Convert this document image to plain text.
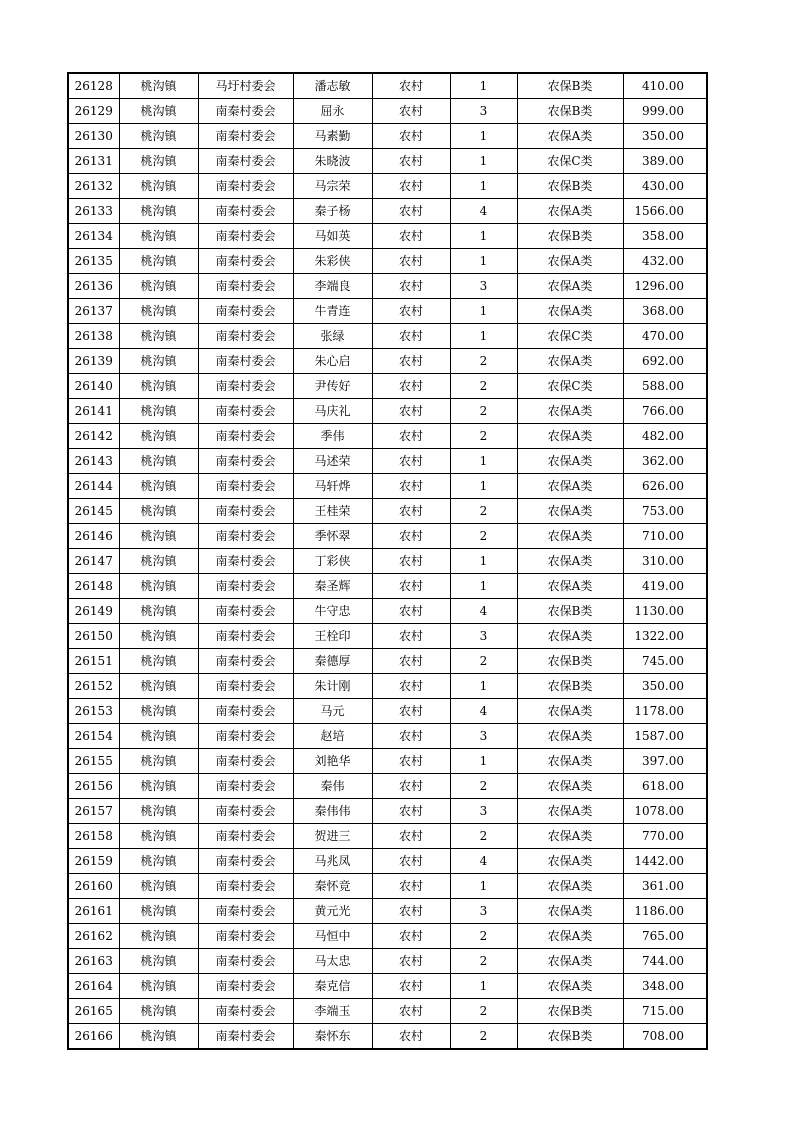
26128	桃沟镇	马圩村委会	潘志敏	农村	1	农保B类	410.00
26129	桃沟镇	南秦村委会	屈永	农村	3	农保B类	999.00
26130	桃沟镇	南秦村委会	马素勤	农村	1	农保A类	350.00
26131	桃沟镇	南秦村委会	朱晓波	农村	1	农保C类	389.00
26132	桃沟镇	南秦村委会	马宗荣	农村	1	农保B类	430.00
26133	桃沟镇	南秦村委会	秦子杨	农村	4	农保A类	1566.00
26134	桃沟镇	南秦村委会	马如英	农村	1	农保B类	358.00
26135	桃沟镇	南秦村委会	朱彩侠	农村	1	农保A类	432.00
26136	桃沟镇	南秦村委会	李端良	农村	3	农保A类	1296.00
26137	桃沟镇	南秦村委会	牛青连	农村	1	农保A类	368.00
26138	桃沟镇	南秦村委会	张绿	农村	1	农保C类	470.00
26139	桃沟镇	南秦村委会	朱心启	农村	2	农保A类	692.00
26140	桃沟镇	南秦村委会	尹传好	农村	2	农保C类	588.00
26141	桃沟镇	南秦村委会	马庆礼	农村	2	农保A类	766.00
26142	桃沟镇	南秦村委会	季伟	农村	2	农保A类	482.00
26143	桃沟镇	南秦村委会	马述荣	农村	1	农保A类	362.00
26144	桃沟镇	南秦村委会	马轩烨	农村	1	农保A类	626.00
26145	桃沟镇	南秦村委会	王桂荣	农村	2	农保A类	753.00
26146	桃沟镇	南秦村委会	季怀翠	农村	2	农保A类	710.00
26147	桃沟镇	南秦村委会	丁彩侠	农村	1	农保A类	310.00
26148	桃沟镇	南秦村委会	秦圣辉	农村	1	农保A类	419.00
26149	桃沟镇	南秦村委会	牛守忠	农村	4	农保B类	1130.00
26150	桃沟镇	南秦村委会	王栓印	农村	3	农保A类	1322.00
26151	桃沟镇	南秦村委会	秦德厚	农村	2	农保B类	745.00
26152	桃沟镇	南秦村委会	朱计刚	农村	1	农保B类	350.00
26153	桃沟镇	南秦村委会	马元	农村	4	农保A类	1178.00
26154	桃沟镇	南秦村委会	赵培	农村	3	农保A类	1587.00
26155	桃沟镇	南秦村委会	刘艳华	农村	1	农保A类	397.00
26156	桃沟镇	南秦村委会	秦伟	农村	2	农保A类	618.00
26157	桃沟镇	南秦村委会	秦伟伟	农村	3	农保A类	1078.00
26158	桃沟镇	南秦村委会	贺进三	农村	2	农保A类	770.00
26159	桃沟镇	南秦村委会	马兆凤	农村	4	农保A类	1442.00
26160	桃沟镇	南秦村委会	秦怀竞	农村	1	农保A类	361.00
26161	桃沟镇	南秦村委会	黄元光	农村	3	农保A类	1186.00
26162	桃沟镇	南秦村委会	马恒中	农村	2	农保A类	765.00
26163	桃沟镇	南秦村委会	马太忠	农村	2	农保A类	744.00
26164	桃沟镇	南秦村委会	秦克信	农村	1	农保A类	348.00
26165	桃沟镇	南秦村委会	李端玉	农村	2	农保B类	715.00
26166	桃沟镇	南秦村委会	秦怀东	农村	2	农保B类	708.00
